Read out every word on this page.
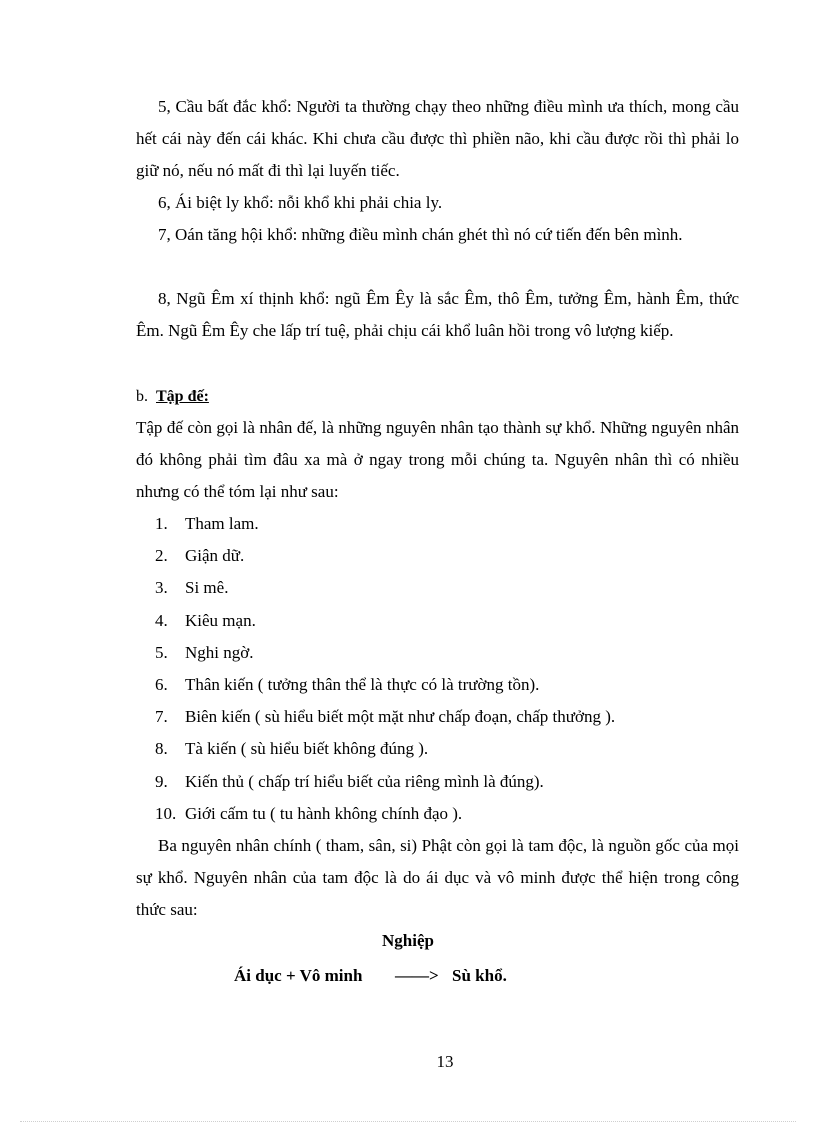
5, Cầu bất đắc khổ: Người ta thường chạy theo những điều mình ưa thích, mong cầu hết cái này đến cái khác. Khi chưa cầu được thì phiền não, khi cầu được rồi thì phải lo giữ nó, nếu nó mất đi thì lại luyến tiếc.

6, Ái biệt ly khổ: nỗi khổ khi phải chia ly.

7, Oán tăng hội khổ: những điều mình chán ghét thì nó cứ tiến đến bên mình.

8, Ngũ Êm xí thịnh khổ: ngũ Êm Êy là sắc Êm, thô Êm, tưởng Êm, hành Êm, thức Êm. Ngũ Êm Êy che lấp trí tuệ, phải chịu cái khổ luân hồi trong vô lượng kiếp.

b. Tập đế:

Tập đế còn gọi là nhân đế, là những nguyên nhân tạo thành sự khổ. Những nguyên nhân đó không phải tìm đâu xa mà ở ngay trong mỗi chúng ta. Nguyên nhân thì có nhiều nhưng có thể tóm lại như sau:

1. Tham lam.
2. Giận dữ.
3. Si mê.
4. Kiêu mạn.
5. Nghi ngờ.
6. Thân kiến ( tưởng thân thể là thực có là trường tồn).
7. Biên kiến ( sù hiểu biết một mặt như chấp đoạn, chấp thưởng ).
8. Tà kiến ( sù hiểu biết không đúng ).
9. Kiến thủ ( chấp trí hiểu biết của riêng mình là đúng).
10. Giới cấm tu ( tu hành không chính đạo ).

Ba nguyên nhân chính ( tham, sân, si) Phật còn gọi là tam độc, là nguồn gốc của mọi sự khổ. Nguyên nhân của tam độc là do ái dục và vô minh được thể hiện trong công thức sau:

Nghiệp
Ái dục + Vô minh ——> Sù khổ.
13
